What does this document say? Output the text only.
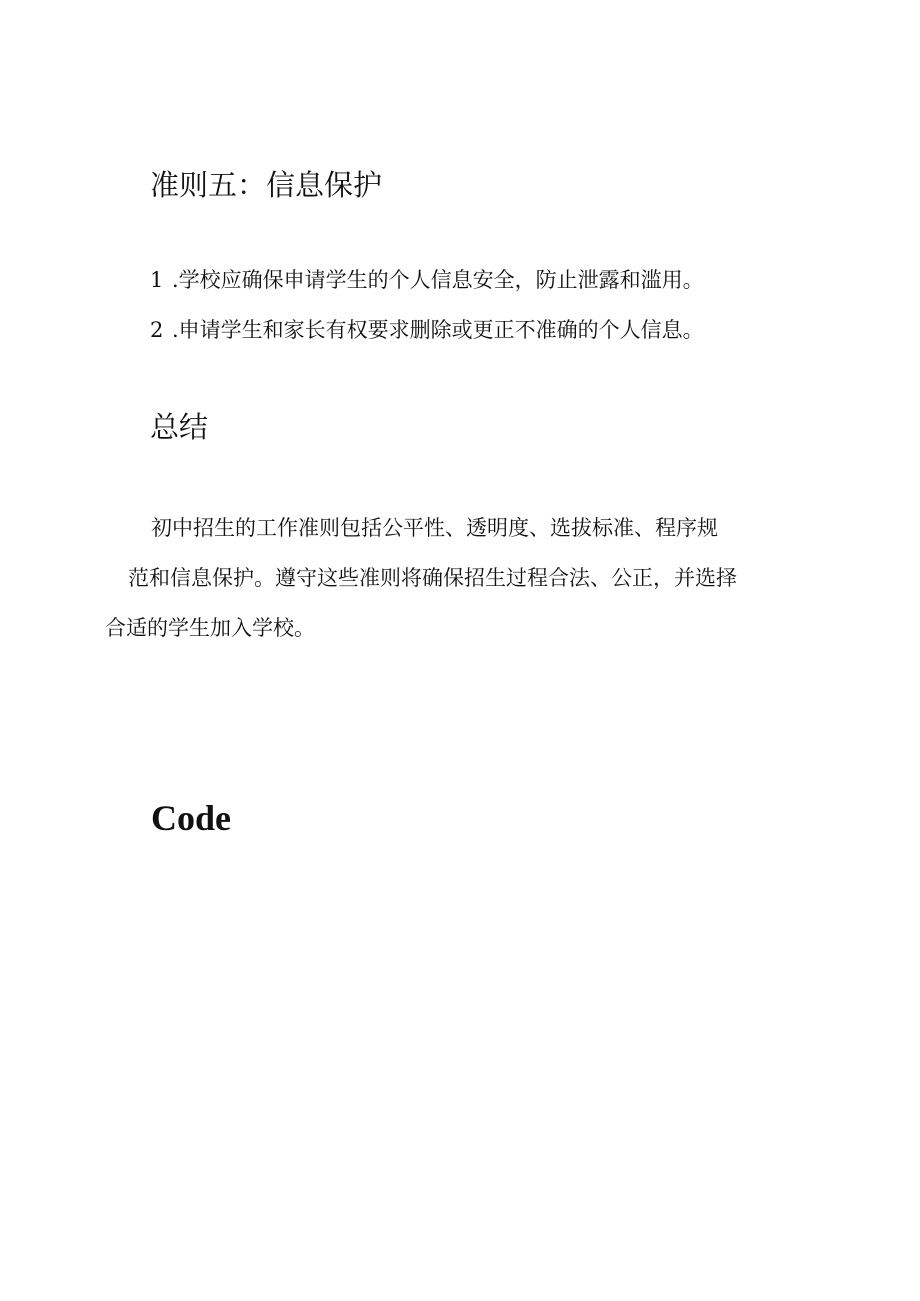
准则五：信息保护

1 .学校应确保申请学生的个人信息安全，防止泄露和滥用。

2 .申请学生和家长有权要求删除或更正不准确的个人信息。

总结
初中招生的工作准则包括公平性、透明度、选拔标准、程序规
范和信息保护。遵守这些准则将确保招生过程合法、公正，并选择
合适的学生加入学校。
Code
